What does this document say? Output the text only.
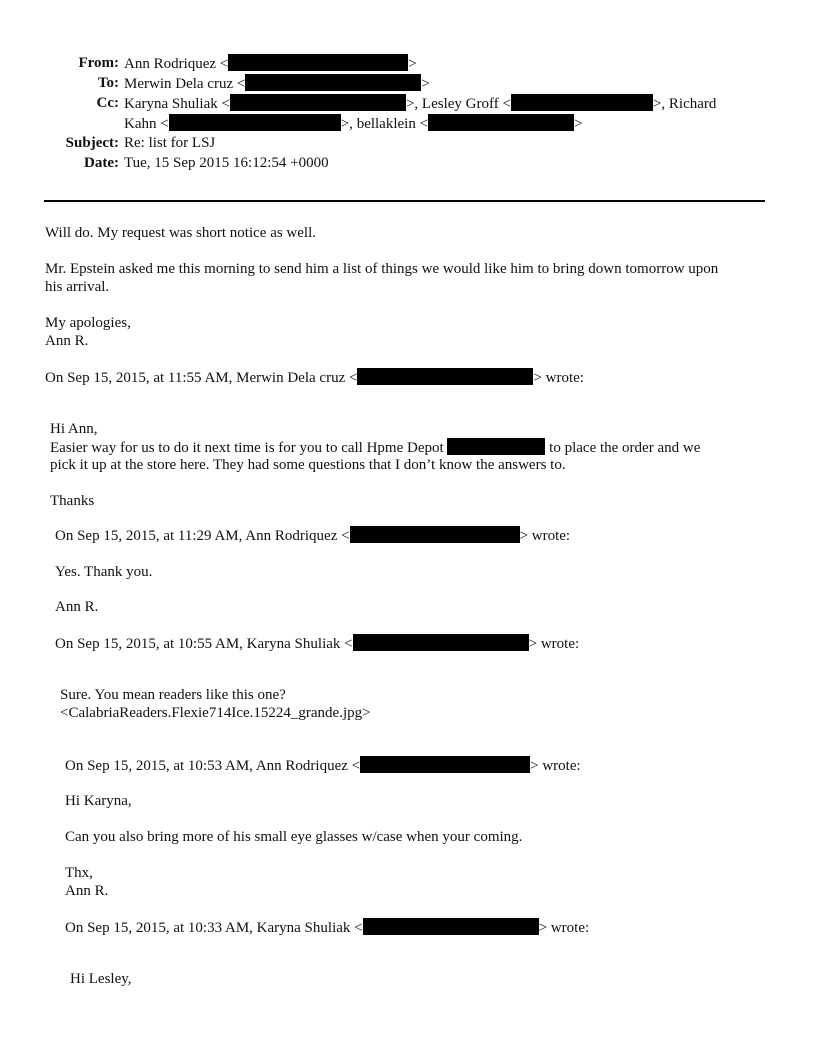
From: Ann Rodriquez <	>
To: Merwin Dela cruz <	>
Cc: Karyna Shuliak <	>, Lesley Groff <	>, Richard
Kahn <	>, bellaklein <	>
Subject: Re: list for LSJ
Date: Tue, 15 Sep 2015 16:12:54 +0000
Will do. My request was short notice as well.
Mr. Epstein asked me this morning to send him a list of things we would like him to bring down tomorrow upon
his arrival.
My apologies,
Ann R.
On Sep 15, 2015, at 11:55 AM, Merwin Dela cruz <	> wrote:
Hi Ann,
Easier way for us to do it next time is for you to call Hpme Depot	to place the order and we
pick it up at the store here. They had some questions that I don’t know the answers to.
Thanks
On Sep 15, 2015, at 11:29 AM, Ann Rodriquez <	> wrote:
Yes. Thank you.
Ann R.
On Sep 15, 2015, at 10:55 AM, Karyna Shuliak <	> wrote:
Sure. You mean readers like this one?
<CalabriaReaders.Flexie714Ice.15224_grande.jpg>
On Sep 15, 2015, at 10:53 AM, Ann Rodriquez <	> wrote:
Hi Karyna,
Can you also bring more of his small eye glasses w/case when your coming.
Thx,
Ann R.
On Sep 15, 2015, at 10:33 AM, Karyna Shuliak <	> wrote:
Hi Lesley,
